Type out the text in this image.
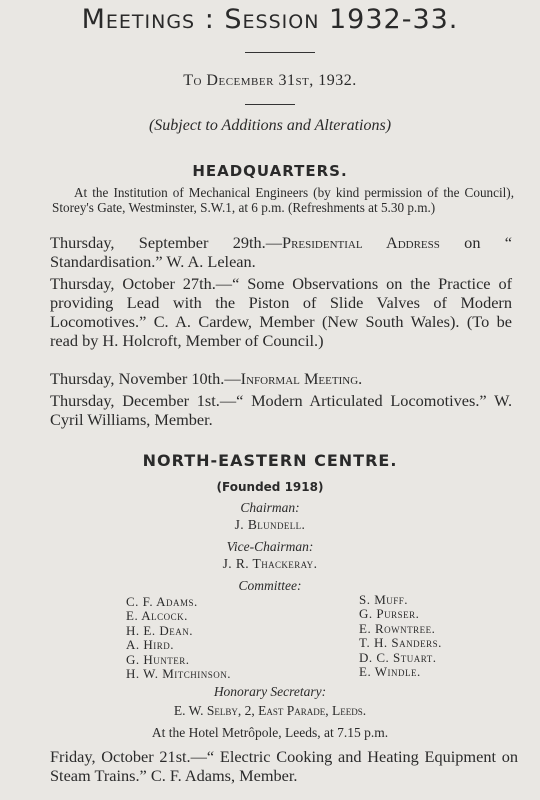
Meetings : Session 1932-33.
To December 31st, 1932.
(Subject to Additions and Alterations)
HEADQUARTERS.
At the Institution of Mechanical Engineers (by kind permission of the Council), Storey's Gate, Westminster, S.W.1, at 6 p.m. (Refreshments at 5.30 p.m.)
Thursday, September 29th.—Presidential Address on “ Standardisation.” W. A. Lelean.
Thursday, October 27th.—“ Some Observations on the Practice of providing Lead with the Piston of Slide Valves of Modern Locomotives.” C. A. Cardew, Member (New South Wales). (To be read by H. Holcroft, Member of Council.)
Thursday, November 10th.—Informal Meeting.
Thursday, December 1st.—“ Modern Articulated Locomotives.” W. Cyril Williams, Member.
NORTH-EASTERN CENTRE.
(Founded 1918)
Chairman:
J. Blundell.
Vice-Chairman:
J. R. Thackeray.
Committee:
C. F. Adams.
E. Alcock.
H. E. Dean.
A. Hird.
G. Hunter.
H. W. Mitchinson.
S. Muff.
G. Purser.
E. Rowntree.
T. H. Sanders.
D. C. Stuart.
E. Windle.
Honorary Secretary:
E. W. Selby, 2, East Parade, Leeds.
At the Hotel Metrôpole, Leeds, at 7.15 p.m.
Friday, October 21st.—“ Electric Cooking and Heating Equipment on Steam Trains.” C. F. Adams, Member.
